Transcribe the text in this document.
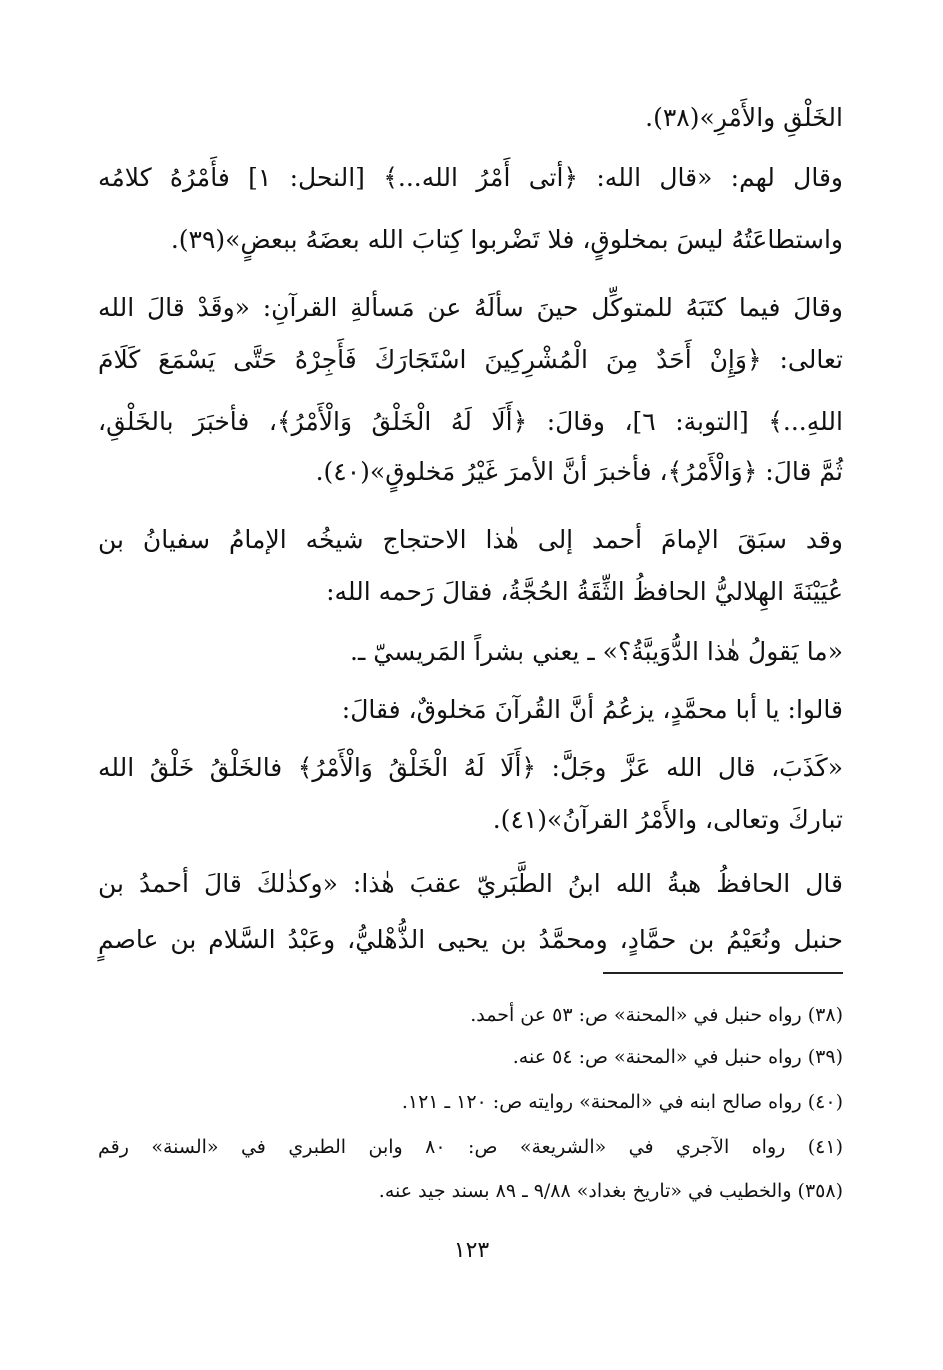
الخَلْقِ والأَمْرِ»(٣٨).
وقال لهم: «قال الله: ﴿أتى أَمْرُ الله...﴾ [النحل: ١] فأَمْرُهُ كلامُه
واستطاعَتُهُ ليسَ بمخلوقٍ، فلا تَضْربوا كِتابَ الله بعضَهُ ببعضٍ»(٣٩).
وقالَ فيما كتَبَهُ للمتوكِّل حينَ سألَهُ عن مَسألةِ القرآنِ: «وقَدْ قالَ الله
تعالى: ﴿وَإِنْ أَحَدٌ مِنَ الْمُشْرِكِينَ اسْتَجَارَكَ فَأَجِرْهُ حَتَّى يَسْمَعَ كَلَامَ
اللهِ...﴾ [التوبة: ٦]، وقالَ: ﴿أَلَا لَهُ الْخَلْقُ وَالْأَمْرُ﴾، فأخبَرَ بالخَلْقِ،
ثُمَّ قالَ: ﴿وَالْأَمْرُ﴾، فأخبرَ أنَّ الأمرَ غَيْرُ مَخلوقٍ»(٤٠).
وقد سبَقَ الإمامَ أحمد إلى هٰذا الاحتجاج شيخُه الإمامُ سفيانُ بن
عُيَيْنَةَ الهِلاليُّ الحافظُ الثِّقَةُ الحُجَّةُ، فقالَ رَحمه الله:
«ما يَقولُ هٰذا الدُّوَيبَّةُ؟» ـ يعني بشراً المَريسيّ ـ.
قالوا: يا أبا محمَّدٍ، يزعُمُ أنَّ القُرآنَ مَخلوقٌ، فقالَ:
«كَذَبَ، قال الله عَزَّ وجَلَّ: ﴿أَلَا لَهُ الْخَلْقُ وَالْأَمْرُ﴾ فالخَلْقُ خَلْقُ الله
تباركَ وتعالى، والأَمْرُ القرآنُ»(٤١).
قال الحافظُ هبةُ الله ابنُ الطَّبَريّ عقبَ هٰذا: «وكذٰلكَ قالَ أحمدُ بن
حنبل ونُعَيْمُ بن حمَّادٍ، ومحمَّدُ بن يحيى الذُّهْليُّ، وعَبْدُ السَّلام بن عاصمٍ
(٣٨) رواه حنبل في «المحنة» ص: ٥٣ عن أحمد.
(٣٩) رواه حنبل في «المحنة» ص: ٥٤ عنه.
(٤٠) رواه صالح ابنه في «المحنة» روايته ص: ١٢٠ ـ ١٢١.
(٤١) رواه الآجري في «الشريعة» ص: ٨٠ وابن الطبري في «السنة» رقم
(٣٥٨) والخطيب في «تاريخ بغداد» ٩/٨٨ ـ ٨٩ بسند جيد عنه.
١٢٣
